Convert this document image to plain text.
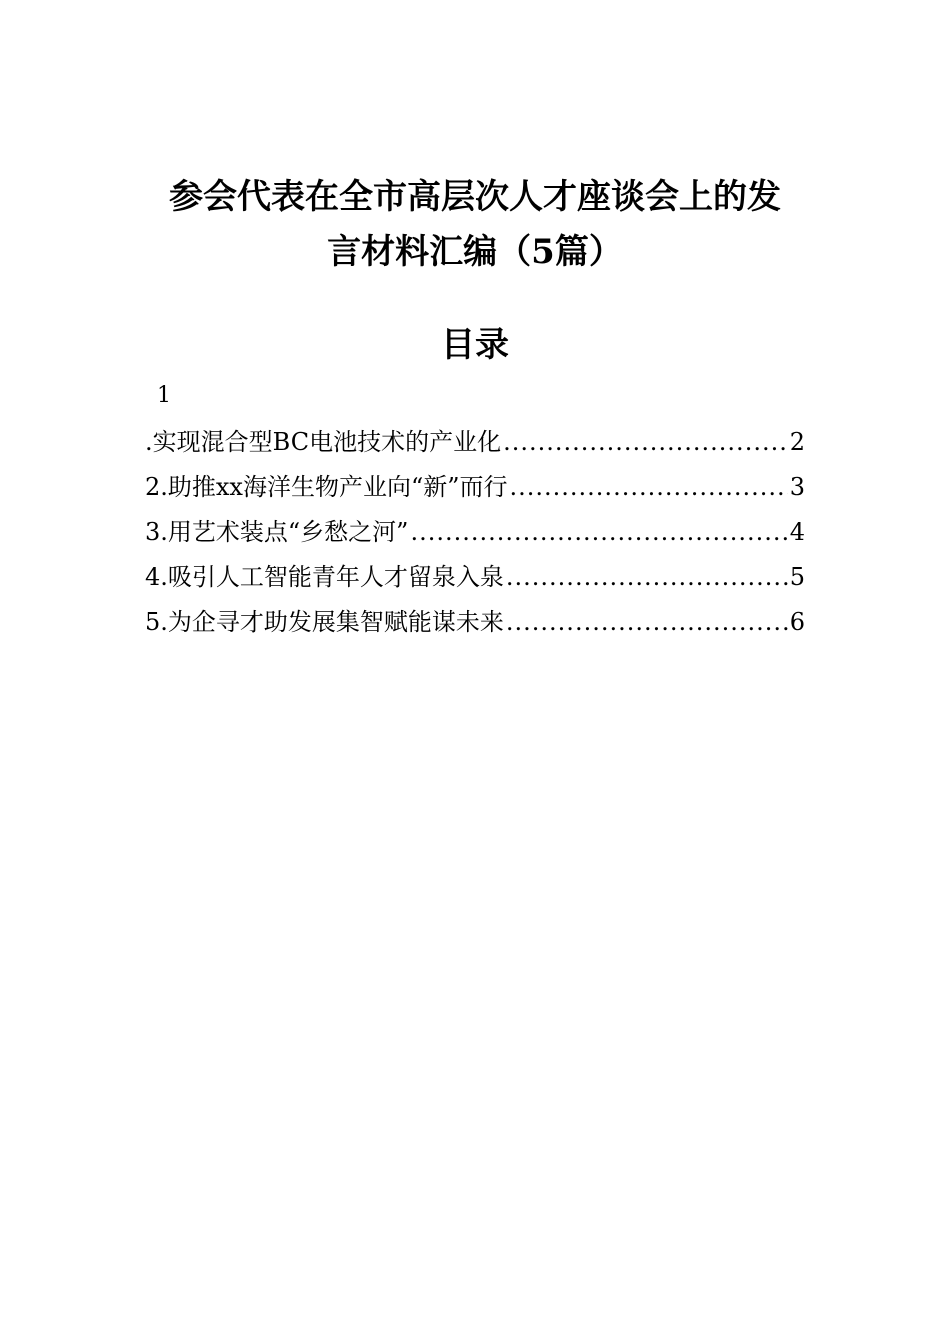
参会代表在全市高层次人才座谈会上的发
言材料汇编（5篇）
目录
1
.实现混合型BC电池技术的产业化 .....	2
2.助推xx海洋生物产业向“新”而行 .....	3
3.用艺术装点“乡愁之河” .....	4
4.吸引人工智能青年人才留泉入泉 .....	5
5.为企寻才助发展集智赋能谋未来 .....	6
